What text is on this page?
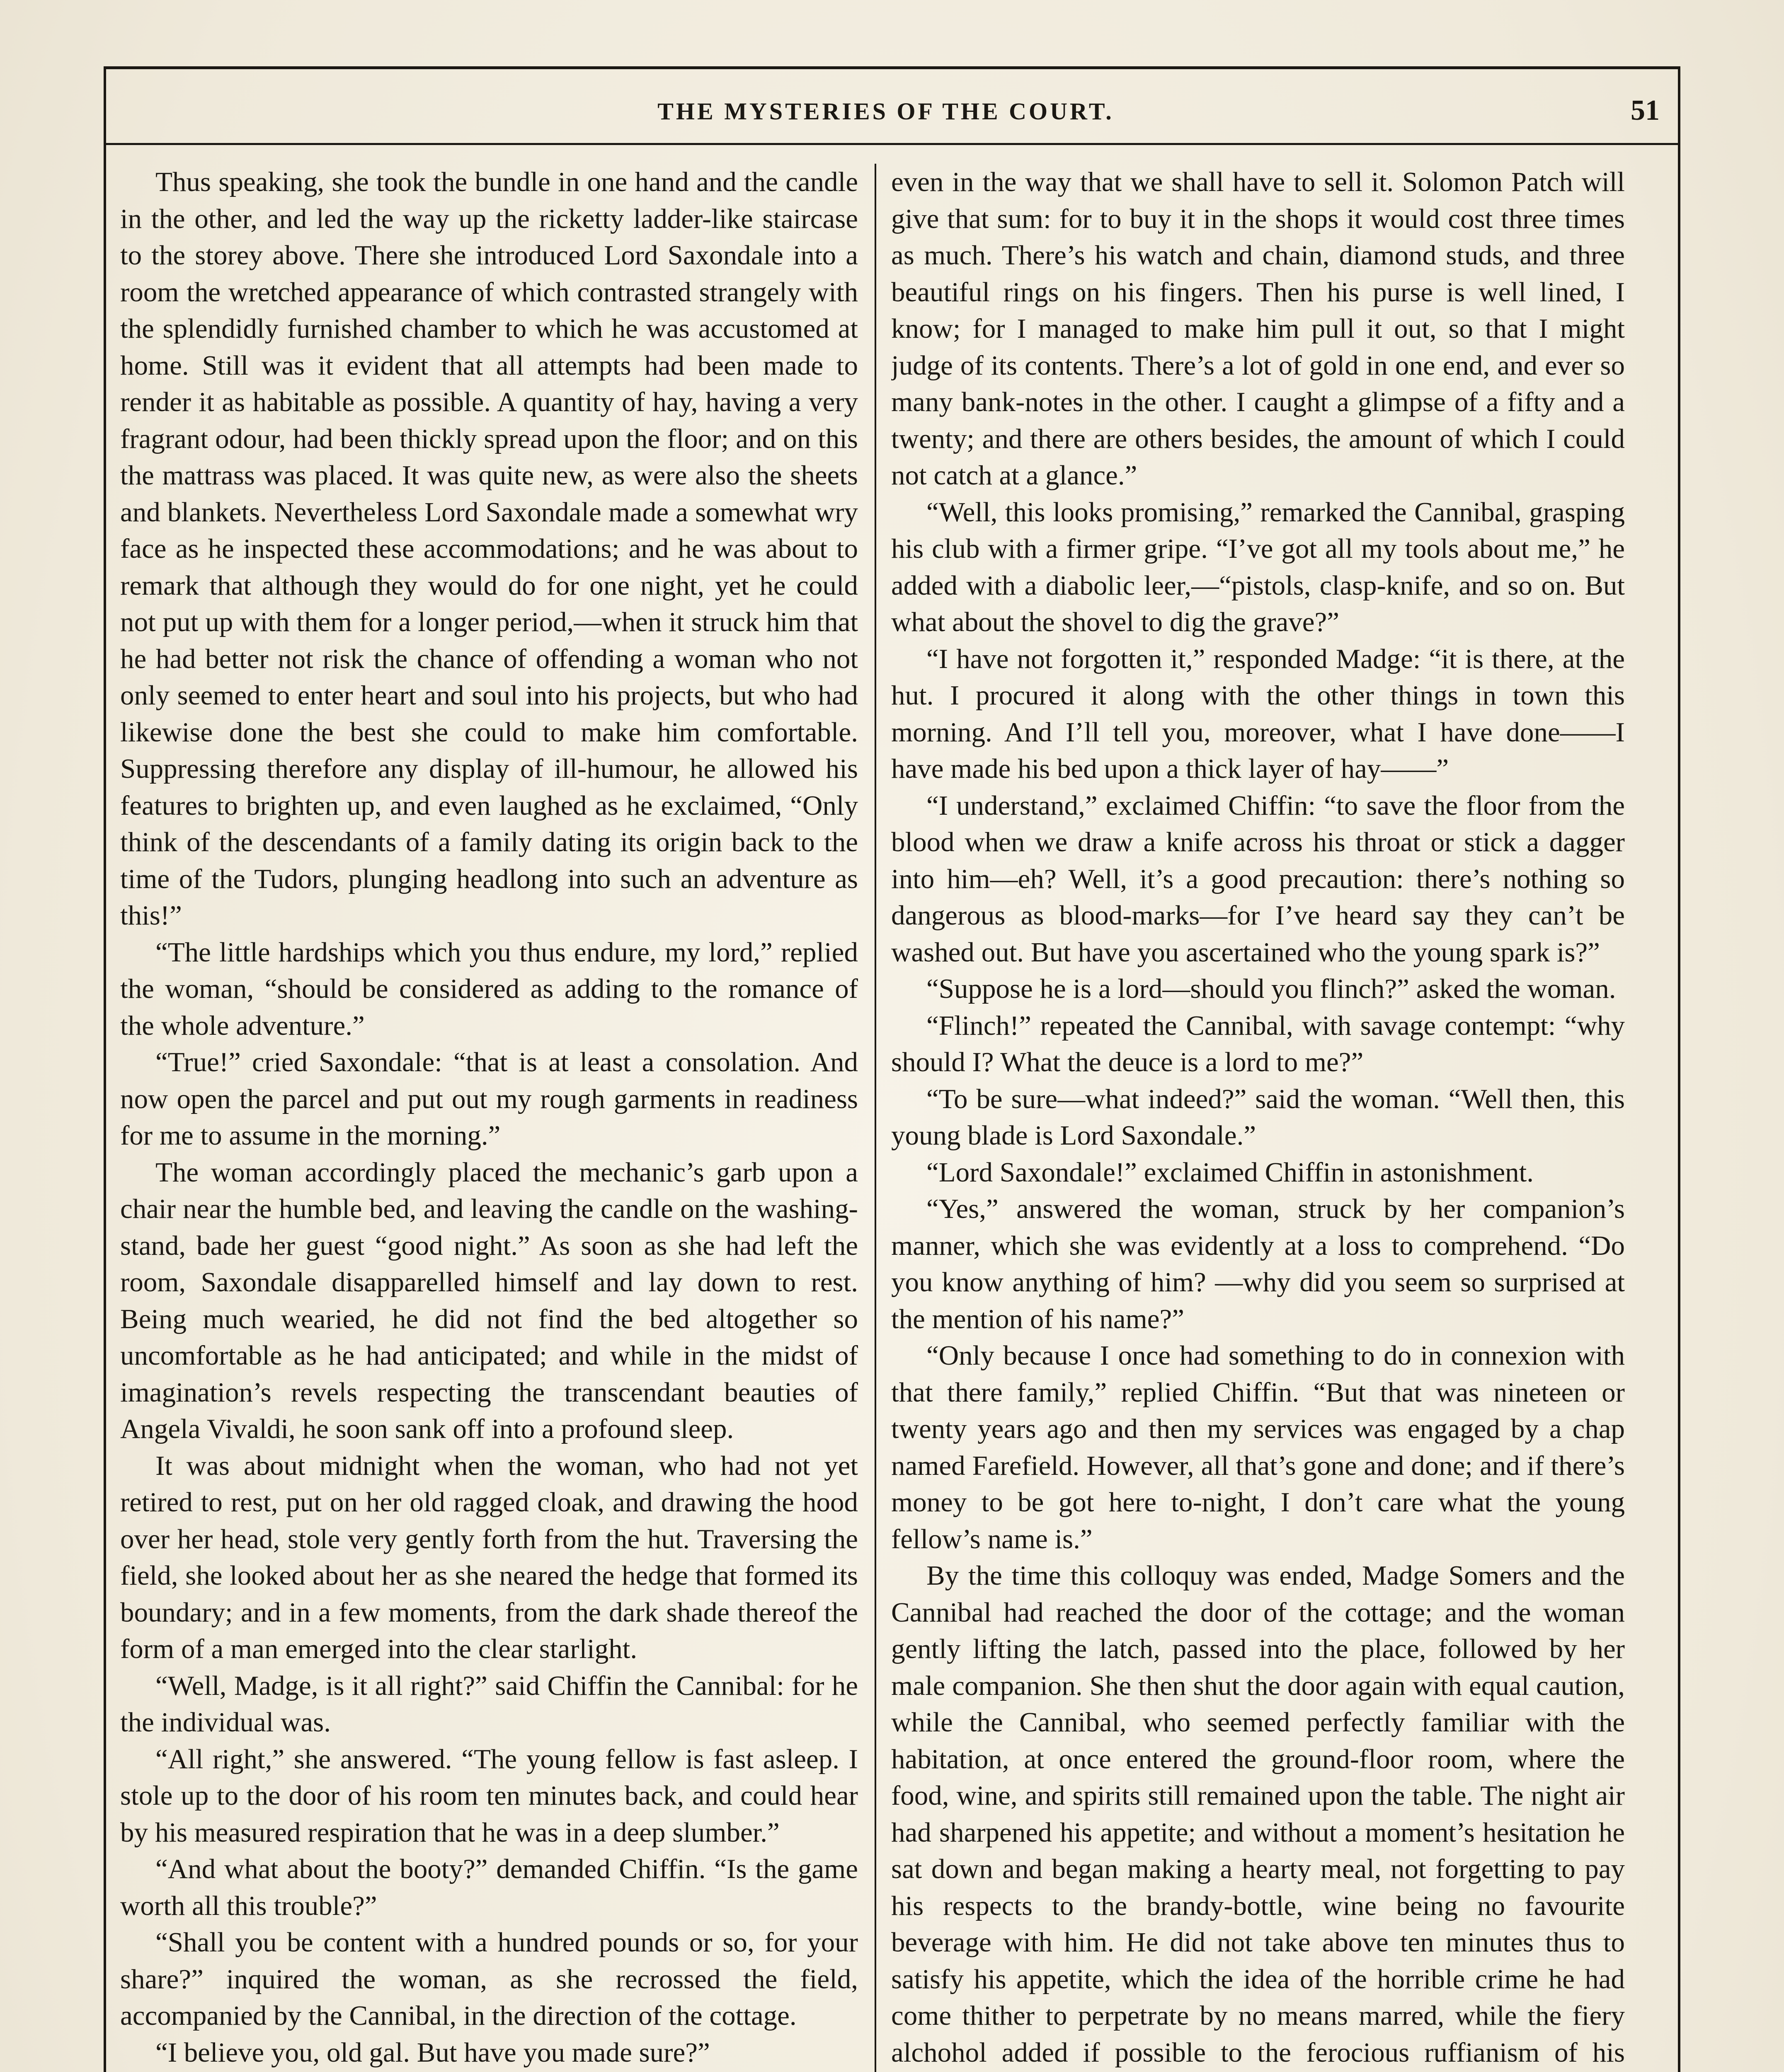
THE MYSTERIES OF THE COURT.	51

Thus speaking, she took the bundle in one hand and the candle in the other, and led the way up the ricketty ladder-like staircase to the storey above. There she introduced Lord Saxondale into a room the wretched appearance of which contrasted strangely with the splendidly furnished chamber to which he was accustomed at home. Still was it evident that all attempts had been made to render it as habitable as possible. A quantity of hay, having a very fragrant odour, had been thickly spread upon the floor; and on this the mattrass was placed. It was quite new, as were also the sheets and blankets. Nevertheless Lord Saxondale made a somewhat wry face as he inspected these accommodations; and he was about to remark that although they would do for one night, yet he could not put up with them for a longer period,—when it struck him that he had better not risk the chance of offending a woman who not only seemed to enter heart and soul into his projects, but who had likewise done the best she could to make him comfortable. Suppressing therefore any display of ill-humour, he allowed his features to brighten up, and even laughed as he exclaimed, “Only think of the descendants of a family dating its origin back to the time of the Tudors, plunging headlong into such an adventure as this!”

“The little hardships which you thus endure, my lord,” replied the woman, “should be considered as adding to the romance of the whole adventure.”

“True!” cried Saxondale: “that is at least a consolation. And now open the parcel and put out my rough garments in readiness for me to assume in the morning.”

The woman accordingly placed the mechanic’s garb upon a chair near the humble bed, and leaving the candle on the washing-stand, bade her guest “good night.” As soon as she had left the room, Saxondale disapparelled himself and lay down to rest. Being much wearied, he did not find the bed altogether so uncomfortable as he had anticipated; and while in the midst of imagination’s revels respecting the transcendant beauties of Angela Vivaldi, he soon sank off into a profound sleep.

It was about midnight when the woman, who had not yet retired to rest, put on her old ragged cloak, and drawing the hood over her head, stole very gently forth from the hut. Traversing the field, she looked about her as she neared the hedge that formed its boundary; and in a few moments, from the dark shade thereof the form of a man emerged into the clear starlight.

“Well, Madge, is it all right?” said Chiffin the Cannibal: for he the individual was.

“All right,” she answered. “The young fellow is fast asleep. I stole up to the door of his room ten minutes back, and could hear by his measured respiration that he was in a deep slumber.”

“And what about the booty?” demanded Chiffin. “Is the game worth all this trouble?”

“Shall you be content with a hundred pounds or so, for your share?” inquired the woman, as she recrossed the field, accompanied by the Cannibal, in the direction of the cottage.

“I believe you, old gal. But have you made sure?”

even in the way that we shall have to sell it. Solomon Patch will give that sum: for to buy it in the shops it would cost three times as much. There’s his watch and chain, diamond studs, and three beautiful rings on his fingers. Then his purse is well lined, I know; for I managed to make him pull it out, so that I might judge of its contents. There’s a lot of gold in one end, and ever so many bank-notes in the other. I caught a glimpse of a fifty and a twenty; and there are others besides, the amount of which I could not catch at a glance.”

“Well, this looks promising,” remarked the Cannibal, grasping his club with a firmer gripe. “I’ve got all my tools about me,” he added with a diabolic leer,—“pistols, clasp-knife, and so on. But what about the shovel to dig the grave?”

“I have not forgotten it,” responded Madge: “it is there, at the hut. I procured it along with the other things in town this morning. And I’ll tell you, moreover, what I have done——I have made his bed upon a thick layer of hay——”

“I understand,” exclaimed Chiffin: “to save the floor from the blood when we draw a knife across his throat or stick a dagger into him—eh? Well, it’s a good precaution: there’s nothing so dangerous as blood-marks—for I’ve heard say they can’t be washed out. But have you ascertained who the young spark is?”

“Suppose he is a lord—should you flinch?” asked the woman.

“Flinch!” repeated the Cannibal, with savage contempt: “why should I? What the deuce is a lord to me?”

“To be sure—what indeed?” said the woman. “Well then, this young blade is Lord Saxondale.”

“Lord Saxondale!” exclaimed Chiffin in astonishment.

“Yes,” answered the woman, struck by her companion’s manner, which she was evidently at a loss to comprehend. “Do you know anything of him? —why did you seem so surprised at the mention of his name?”

“Only because I once had something to do in connexion with that there family,” replied Chiffin. “But that was nineteen or twenty years ago and then my services was engaged by a chap named Farefield. However, all that’s gone and done; and if there’s money to be got here to-night, I don’t care what the young fellow’s name is.”

By the time this colloquy was ended, Madge Somers and the Cannibal had reached the door of the cottage; and the woman gently lifting the latch, passed into the place, followed by her male companion. She then shut the door again with equal caution, while the Cannibal, who seemed perfectly familiar with the habitation, at once entered the ground-floor room, where the food, wine, and spirits still remained upon the table. The night air had sharpened his appetite; and without a moment’s hesitation he sat down and began making a hearty meal, not forgetting to pay his respects to the brandy-bottle, wine being no favourite beverage with him. He did not take above ten minutes thus to satisfy his appetite, which the idea of the horrible crime he had come thither to perpetrate by no means marred, while the fiery alchohol added if possible to the ferocious ruffianism of his
